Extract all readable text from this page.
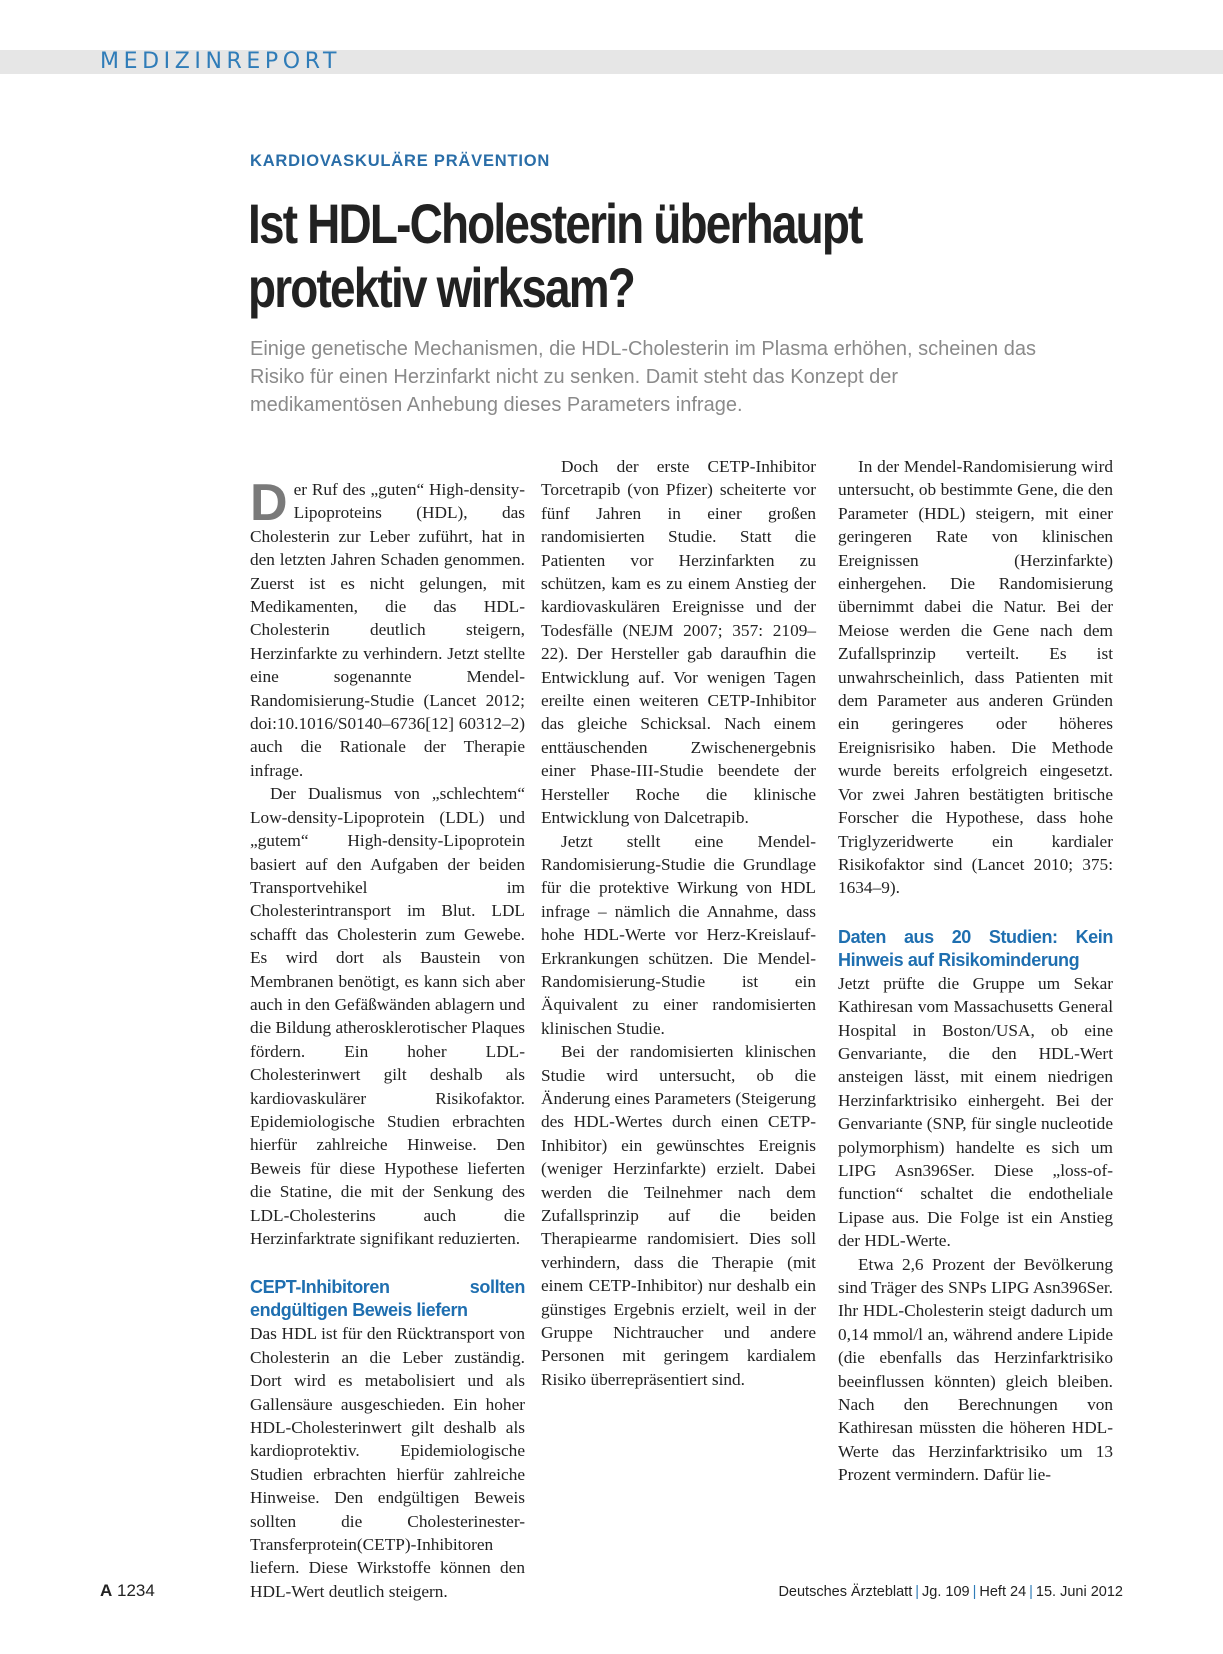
MEDIZINREPORT
KARDIOVASKULÄRE PRÄVENTION
Ist HDL-Cholesterin überhaupt
protektiv wirksam?

Einige genetische Mechanismen, die HDL-Cholesterin im Plasma erhöhen, scheinen das Risiko für einen Herzinfarkt nicht zu senken. Damit steht das Konzept der medikamentösen Anhebung dieses Parameters infrage.

Der Ruf des „guten“ High-density-Lipoproteins (HDL), das Cholesterin zur Leber zuführt, hat in den letzten Jahren Schaden genommen. Zuerst ist es nicht gelungen, mit Medikamenten, die das HDL-Cholesterin deutlich steigern, Herzinfarkte zu verhindern. Jetzt stellte eine sogenannte Mendel-Randomisierung-Studie (Lancet 2012; doi:10.1016/S0140–6736[12] 60312–2) auch die Rationale der Therapie infrage.

Der Dualismus von „schlechtem“ Low-density-Lipoprotein (LDL) und „gutem“ High-density-Lipoprotein basiert auf den Aufgaben der beiden Transportvehikel im Cholesterintransport im Blut. LDL schafft das Cholesterin zum Gewebe. Es wird dort als Baustein von Membranen benötigt, es kann sich aber auch in den Gefäßwänden ablagern und die Bildung atherosklerotischer Plaques fördern. Ein hoher LDL-Cholesterinwert gilt deshalb als kardiovaskulärer Risikofaktor. Epidemiologische Studien erbrachten hierfür zahlreiche Hinweise. Den Beweis für diese Hypothese lieferten die Statine, die mit der Senkung des LDL-Cholesterins auch die Herzinfarktrate signifikant reduzierten.

CEPT-Inhibitoren sollten endgültigen Beweis liefern

Das HDL ist für den Rücktransport von Cholesterin an die Leber zuständig. Dort wird es metabolisiert und als Gallensäure ausgeschieden. Ein hoher HDL-Cholesterinwert gilt deshalb als kardioprotektiv. Epidemiologische Studien erbrachten hierfür zahlreiche Hinweise. Den endgültigen Beweis sollten die Cholesterinester-Transferprotein(CETP)-Inhibitoren liefern. Diese Wirkstoffe können den HDL-Wert deutlich steigern.

Doch der erste CETP-Inhibitor Torcetrapib (von Pfizer) scheiterte vor fünf Jahren in einer großen randomisierten Studie. Statt die Patienten vor Herzinfarkten zu schützen, kam es zu einem Anstieg der kardiovaskulären Ereignisse und der Todesfälle (NEJM 2007; 357: 2109–22). Der Hersteller gab daraufhin die Entwicklung auf. Vor wenigen Tagen ereilte einen weiteren CETP-Inhibitor das gleiche Schicksal. Nach einem enttäuschenden Zwischenergebnis einer Phase-III-Studie beendete der Hersteller Roche die klinische Entwicklung von Dalcetrapib.

Jetzt stellt eine Mendel-Randomisierung-Studie die Grundlage für die protektive Wirkung von HDL infrage – nämlich die Annahme, dass hohe HDL-Werte vor Herz-Kreislauf-Erkrankungen schützen. Die Mendel-Randomisierung-Studie ist ein Äquivalent zu einer randomisierten klinischen Studie.

Bei der randomisierten klinischen Studie wird untersucht, ob die Änderung eines Parameters (Steigerung des HDL-Wertes durch einen CETP-Inhibitor) ein gewünschtes Ereignis (weniger Herzinfarkte) erzielt. Dabei werden die Teilnehmer nach dem Zufallsprinzip auf die beiden Therapiearme randomisiert. Dies soll verhindern, dass die Therapie (mit einem CETP-Inhibitor) nur deshalb ein günstiges Ergebnis erzielt, weil in der Gruppe Nichtraucher und andere Personen mit geringem kardialem Risiko überrepräsentiert sind.

In der Mendel-Randomisierung wird untersucht, ob bestimmte Gene, die den Parameter (HDL) steigern, mit einer geringeren Rate von klinischen Ereignissen (Herzinfarkte) einhergehen. Die Randomisierung übernimmt dabei die Natur. Bei der Meiose werden die Gene nach dem Zufallsprinzip verteilt. Es ist unwahrscheinlich, dass Patienten mit dem Parameter aus anderen Gründen ein geringeres oder höheres Ereignisrisiko haben. Die Methode wurde bereits erfolgreich eingesetzt. Vor zwei Jahren bestätigten britische Forscher die Hypothese, dass hohe Triglyzeridwerte ein kardialer Risikofaktor sind (Lancet 2010; 375: 1634–9).

Daten aus 20 Studien: Kein Hinweis auf Risikominderung

Jetzt prüfte die Gruppe um Sekar Kathiresan vom Massachusetts General Hospital in Boston/USA, ob eine Genvariante, die den HDL-Wert ansteigen lässt, mit einem niedrigen Herzinfarktrisiko einhergeht. Bei der Genvariante (SNP, für single nucleotide polymorphism) handelte es sich um LIPG Asn396Ser. Diese „loss-of-function“ schaltet die endotheliale Lipase aus. Die Folge ist ein Anstieg der HDL-Werte.

Etwa 2,6 Prozent der Bevölkerung sind Träger des SNPs LIPG Asn396Ser. Ihr HDL-Cholesterin steigt dadurch um 0,14 mmol/l an, während andere Lipide (die ebenfalls das Herzinfarktrisiko beeinflussen könnten) gleich bleiben. Nach den Berechnungen von Kathiresan müssten die höheren HDL-Werte das Herzinfarktrisiko um 13 Prozent vermindern. Dafür lie-

A 1234	Deutsches Ärzteblatt | Jg. 109 | Heft 24 | 15. Juni 2012
